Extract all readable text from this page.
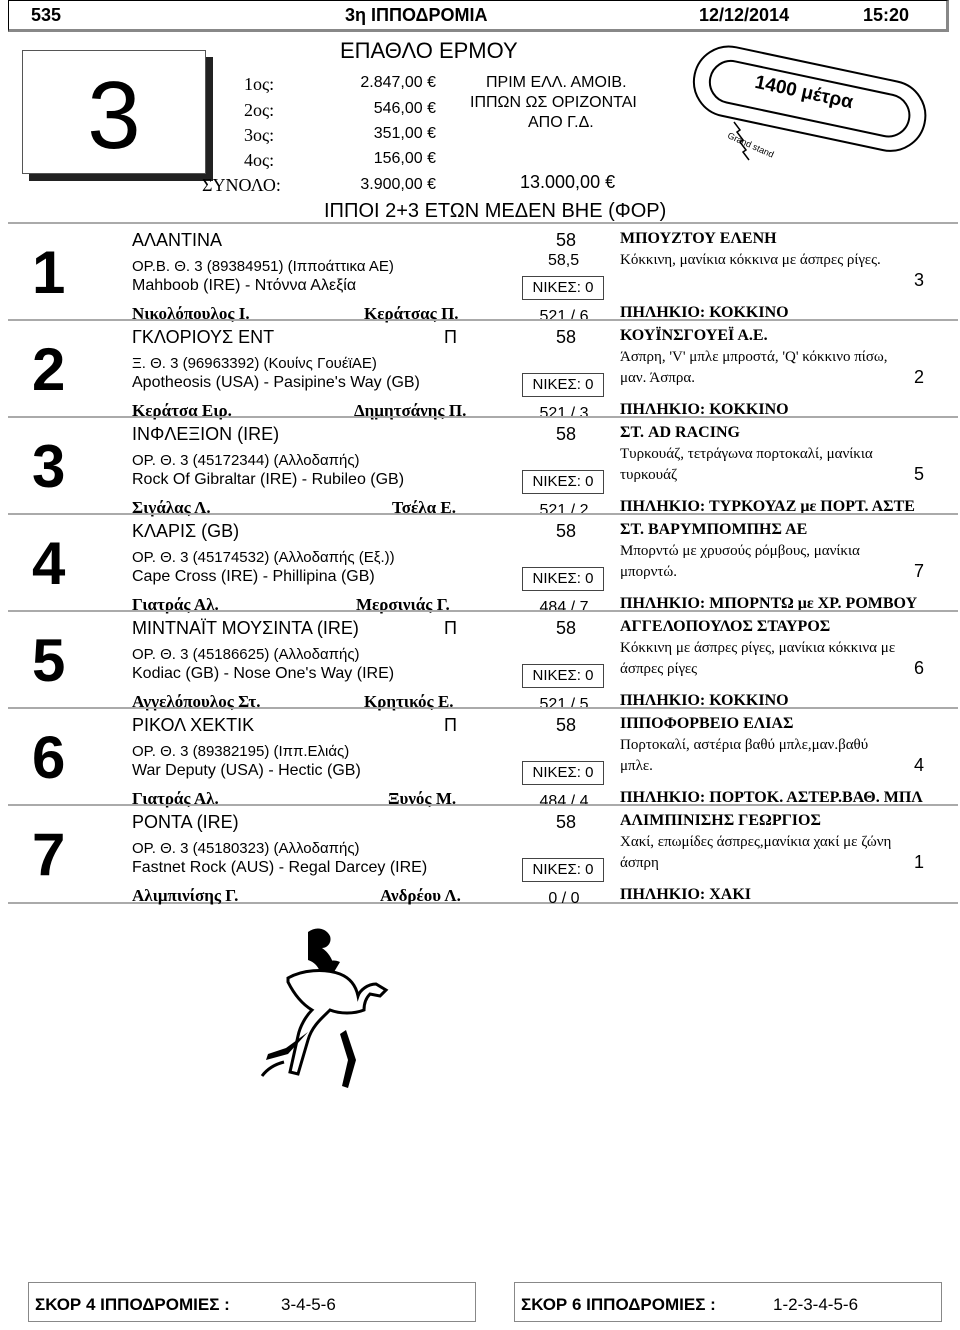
535	3η ΙΠΠΟΔΡΟΜΙΑ	12/12/2014	15:20
ΕΠΑΘΛΟ ΕΡΜΟΥ
3	1ος:	2.847,00 €
2ος:	546,00 €
3ος:	351,00 €
4ος:	156,00 €
ΣΥΝΟΛΟ:	3.900,00 €
ΠΡΙΜ ΕΛΛ. ΑΜΟΙΒ.
ΙΠΠΩΝ ΩΣ ΟΡΙΖΟΝΤΑΙ
ΑΠΟ Γ.Δ.
13.000,00 €
1400 μέτρα
Grand stand
ΙΠΠΟΙ 2+3 ΕΤΩΝ ΜΕΔΕΝ ΒΗΕ (ΦΟΡ)
1	ΑΛΑΝΤΙΝΑ	58
58,5
ΟΡ.Β. Θ. 3 (89384951) (Ιπποάττικα ΑΕ)
Mahboob (IRE) - Ντόννα Αλεξία	ΝΙΚΕΣ: 0
Νικολόπουλος Ι.	Κεράτσας Π.	521 / 6
ΜΠΟΥΖΤΟΥ ΕΛΕΝΗ
Κόκκινη, μανίκια κόκκινα με άσπρες ρίγες.
ΠΗΛΗΚΙΟ: ΚΟΚΚΙΝΟ
3
2	ΓΚΛΟΡΙΟΥΣ ΕΝΤ	Π	58
Ξ. Θ. 3 (96963392) (Κουίνς ΓουέϊΑΕ)
Apotheosis (USA) - Pasipine's Way (GB)	ΝΙΚΕΣ: 0
Κεράτσα Ειρ.	Δημητσάνης Π.	521 / 3
ΚΟΥΪΝΣΓΟΥΕΪ Α.Ε.
Άσπρη, 'V' μπλε μπροστά, 'Q' κόκκινο πίσω, μαν. Άσπρα.
ΠΗΛΗΚΙΟ: ΚΟΚΚΙΝΟ
2
3	ΙΝΦΛΕΞΙΟΝ (IRE)	58
ΟΡ. Θ. 3 (45172344) (Αλλοδαπής)
Rock Of Gibraltar (IRE) - Rubileo (GB)	ΝΙΚΕΣ: 0
Σιγάλας Λ.	Τσέλα Ε.	521 / 2
ΣΤ. AD RACING
Τυρκουάζ, τετράγωνα πορτοκαλί, μανίκια τυρκουάζ
ΠΗΛΗΚΙΟ: ΤΥΡΚΟΥΑΖ με ΠΟΡΤ. ΑΣΤΕ
5
4	ΚΛΑΡΙΣ (GB)	58
ΟΡ. Θ. 3 (45174532) (Αλλοδαπής (Εξ.))
Cape Cross (IRE) - Phillipina (GB)	ΝΙΚΕΣ: 0
Γιατράς Αλ.	Μερσινιάς Γ.	484 / 7
ΣΤ. ΒΑΡΥΜΠΟΜΠΗΣ ΑΕ
Μπορντώ με χρυσούς ρόμβους, μανίκια μπορντώ.
ΠΗΛΗΚΙΟ: ΜΠΟΡΝΤΩ με ΧΡ. ΡΟΜΒΟΥ
7
5	ΜΙΝΤΝΑΪΤ ΜΟΥΣΙΝΤΑ (IRE)	Π	58
ΟΡ. Θ. 3 (45186625) (Αλλοδαπής)
Kodiac (GB) - Nose One's Way (IRE)	ΝΙΚΕΣ: 0
Αγγελόπουλος Στ.	Κρητικός Ε.	521 / 5
ΑΓΓΕΛΟΠΟΥΛΟΣ ΣΤΑΥΡΟΣ
Κόκκινη με άσπρες ρίγες, μανίκια κόκκινα με άσπρες ρίγες
ΠΗΛΗΚΙΟ: ΚΟΚΚΙΝΟ
6
6	ΡΙΚΟΛ ΧΕΚΤΙΚ	Π	58
ΟΡ. Θ. 3 (89382195) (Ιππ.Ελιάς)
War Deputy (USA) - Hectic (GB)	ΝΙΚΕΣ: 0
Γιατράς Αλ.	Ξυνός Μ.	484 / 4
ΙΠΠΟΦΟΡΒΕΙΟ ΕΛΙΑΣ
Πορτοκαλί, αστέρια βαθύ μπλε,μαν.βαθύ μπλε.
ΠΗΛΗΚΙΟ: ΠΟΡΤΟΚ. ΑΣΤΕΡ.ΒΑΘ. ΜΠΛ
4
7	ΡΟΝΤΑ (IRE)	58
ΟΡ. Θ. 3 (45180323) (Αλλοδαπής)
Fastnet Rock (AUS) - Regal Darcey (IRE)	ΝΙΚΕΣ: 0
Αλιμπινίσης Γ.	Ανδρέου Λ.	0 / 0
ΑΛΙΜΠΙΝΙΣΗΣ ΓΕΩΡΓΙΟΣ
Χακί, επωμίδες άσπρες,μανίκια χακί με ζώνη άσπρη
ΠΗΛΗΚΙΟ: ΧΑΚΙ
1
ΣΚΟΡ 4 ΙΠΠΟΔΡΟΜΙΕΣ :	3-4-5-6	ΣΚΟΡ 6 ΙΠΠΟΔΡΟΜΙΕΣ :	1-2-3-4-5-6
